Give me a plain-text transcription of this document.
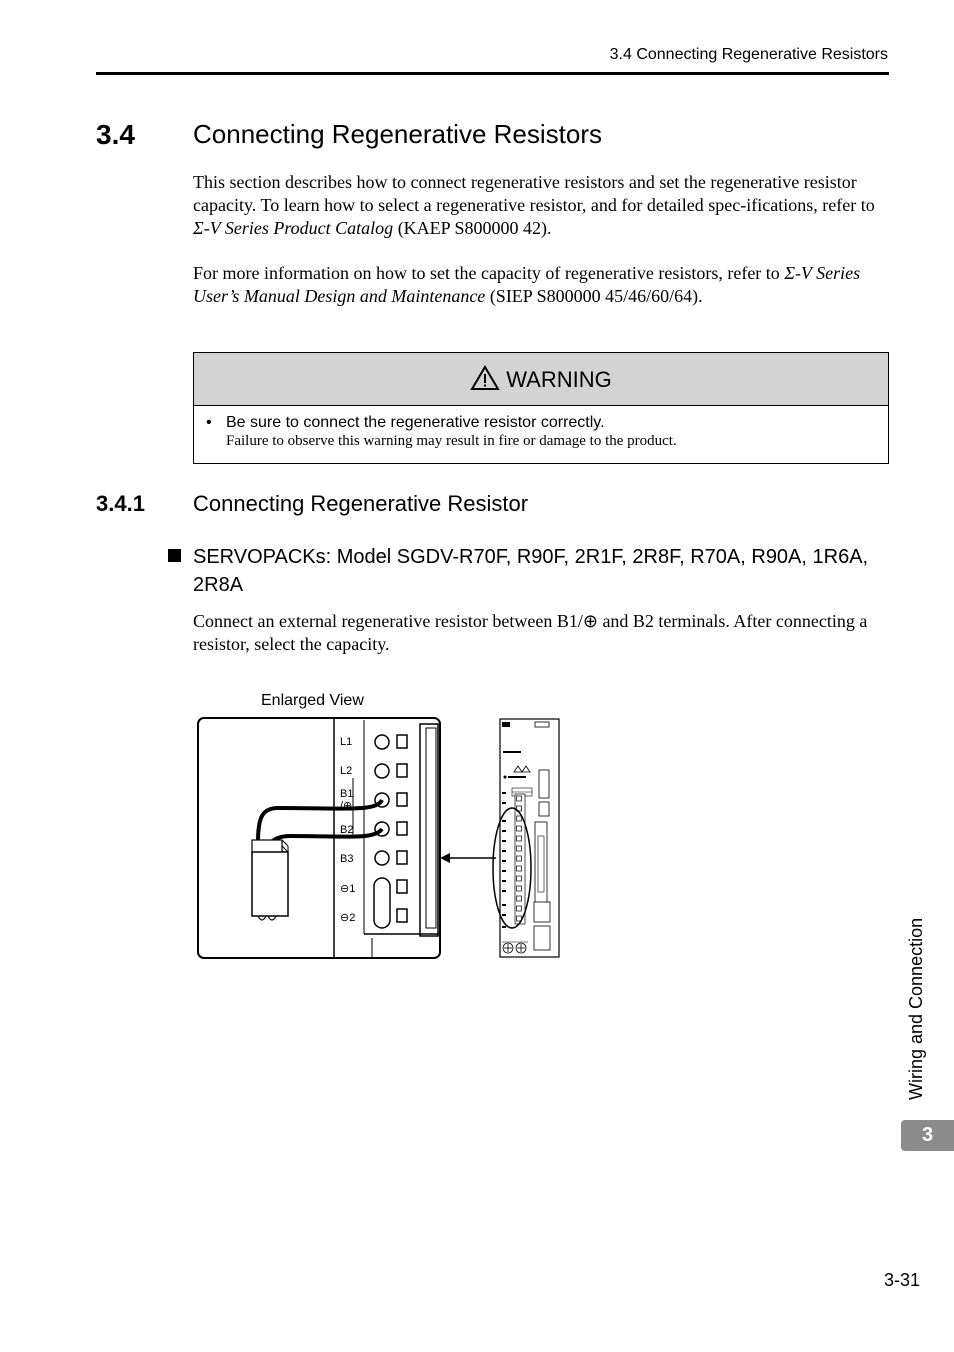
3.4 Connecting Regenerative Resistors
3.4 Connecting Regenerative Resistors
This section describes how to connect regenerative resistors and set the regenerative resistor capacity. To learn how to select a regenerative resistor, and for detailed spec-ifications, refer to Σ-V Series Product Catalog (KAEP S800000 42).
For more information on how to set the capacity of regenerative resistors, refer to Σ-V Series User’s Manual Design and Maintenance (SIEP S800000 45/46/60/64).
WARNING
• Be sure to connect the regenerative resistor correctly.
Failure to observe this warning may result in fire or damage to the product.
3.4.1 Connecting Regenerative Resistor
SERVOPACKs: Model SGDV-R70F, R90F, 2R1F, 2R8F, R70A, R90A, 1R6A, 2R8A
Connect an external regenerative resistor between B1/⊕ and B2 terminals. After connecting a resistor, select the capacity.
Enlarged View
L1
L2
B1
/⊕
B2
B3
⊖1
⊖2	Wiring and Connection
3
3-31
